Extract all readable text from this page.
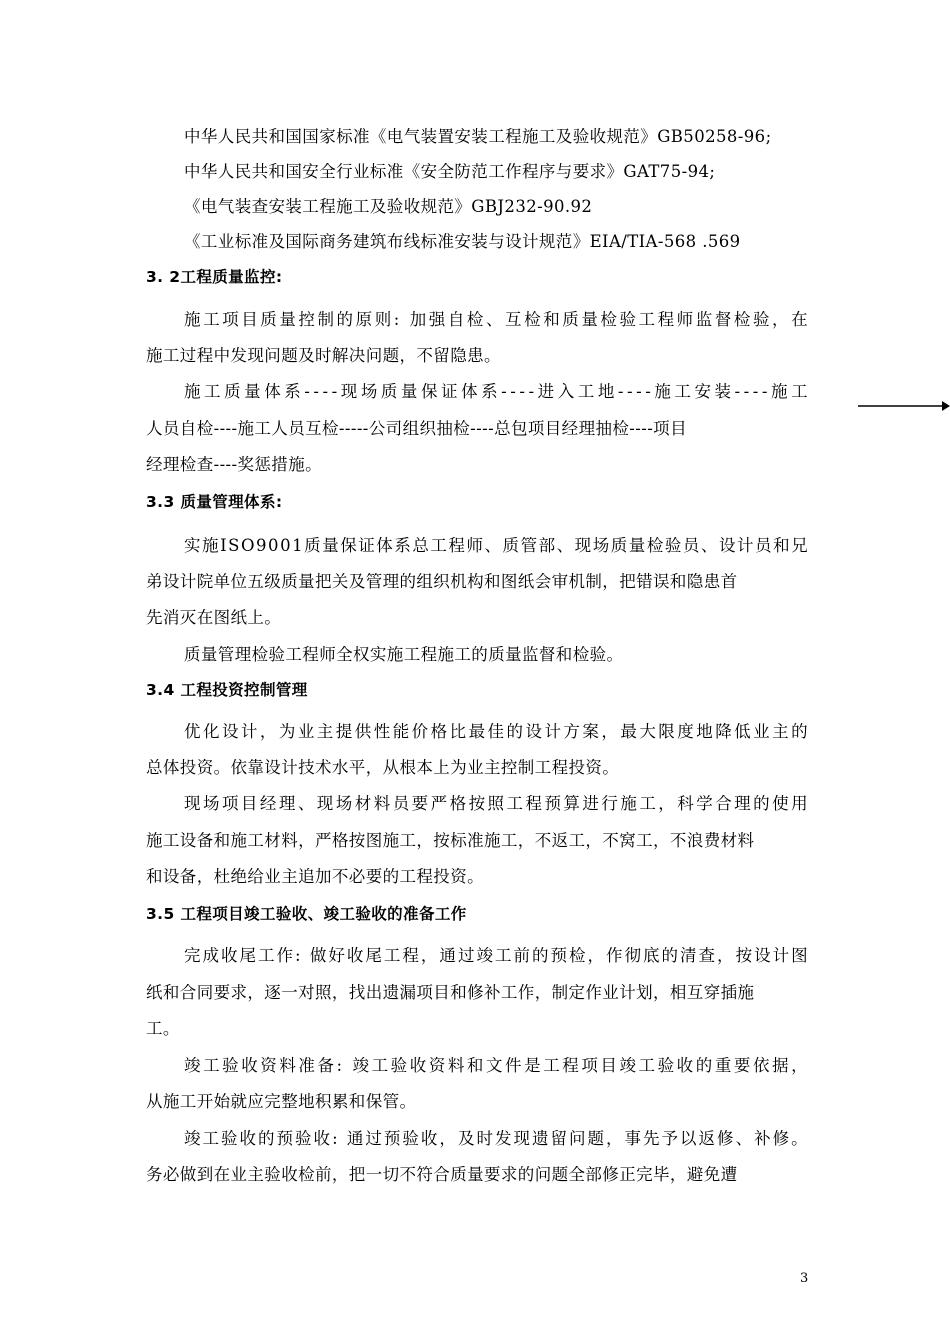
中华人民共和国国家标准《电气装置安装工程施工及验收规范》GB50258-96;
中华人民共和国安全行业标准《安全防范工作程序与要求》GAT75-94;
《电气装查安装工程施工及验收规范》GBJ232-90.92
《工业标准及国际商务建筑布线标准安装与设计规范》EIA/TIA-568 .569
3. 2工程质量监控:
施工项目质量控制的原则: 加强自检、互检和质量检验工程师监督检验，在
施工过程中发现问题及时解决问题，不留隐患。
施工质量体系----现场质量保证体系----进入工地----施工安装----施工
人员自检----施工人员互检-----公司组织抽检----总包项目经理抽检----项目
经理检查----奖惩措施。
3.3 质量管理体系:
实施ISO9001质量保证体系总工程师、质管部、现场质量检验员、设计员和兄
弟设计院单位五级质量把关及管理的组织机构和图纸会审机制，把错误和隐患首
先消灭在图纸上。
质量管理检验工程师全权实施工程施工的质量监督和检验。
3.4 工程投资控制管理
优化设计，为业主提供性能价格比最佳的设计方案，最大限度地降低业主的
总体投资。依靠设计技术水平，从根本上为业主控制工程投资。
现场项目经理、现场材料员要严格按照工程预算进行施工，科学合理的使用
施工设备和施工材料，严格按图施工，按标准施工，不返工，不窝工，不浪费材料
和设备，杜绝给业主追加不必要的工程投资。
3.5 工程项目竣工验收、竣工验收的准备工作
完成收尾工作: 做好收尾工程，通过竣工前的预检，作彻底的清查，按设计图
纸和合同要求，逐一对照，找出遗漏项目和修补工作，制定作业计划，相互穿插施
工。
竣工验收资料准备: 竣工验收资料和文件是工程项目竣工验收的重要依据，
从施工开始就应完整地积累和保管。
竣工验收的预验收: 通过预验收，及时发现遗留问题，事先予以返修、补修。
务必做到在业主验收检前，把一切不符合质量要求的问题全部修正完毕，避免遭
3
